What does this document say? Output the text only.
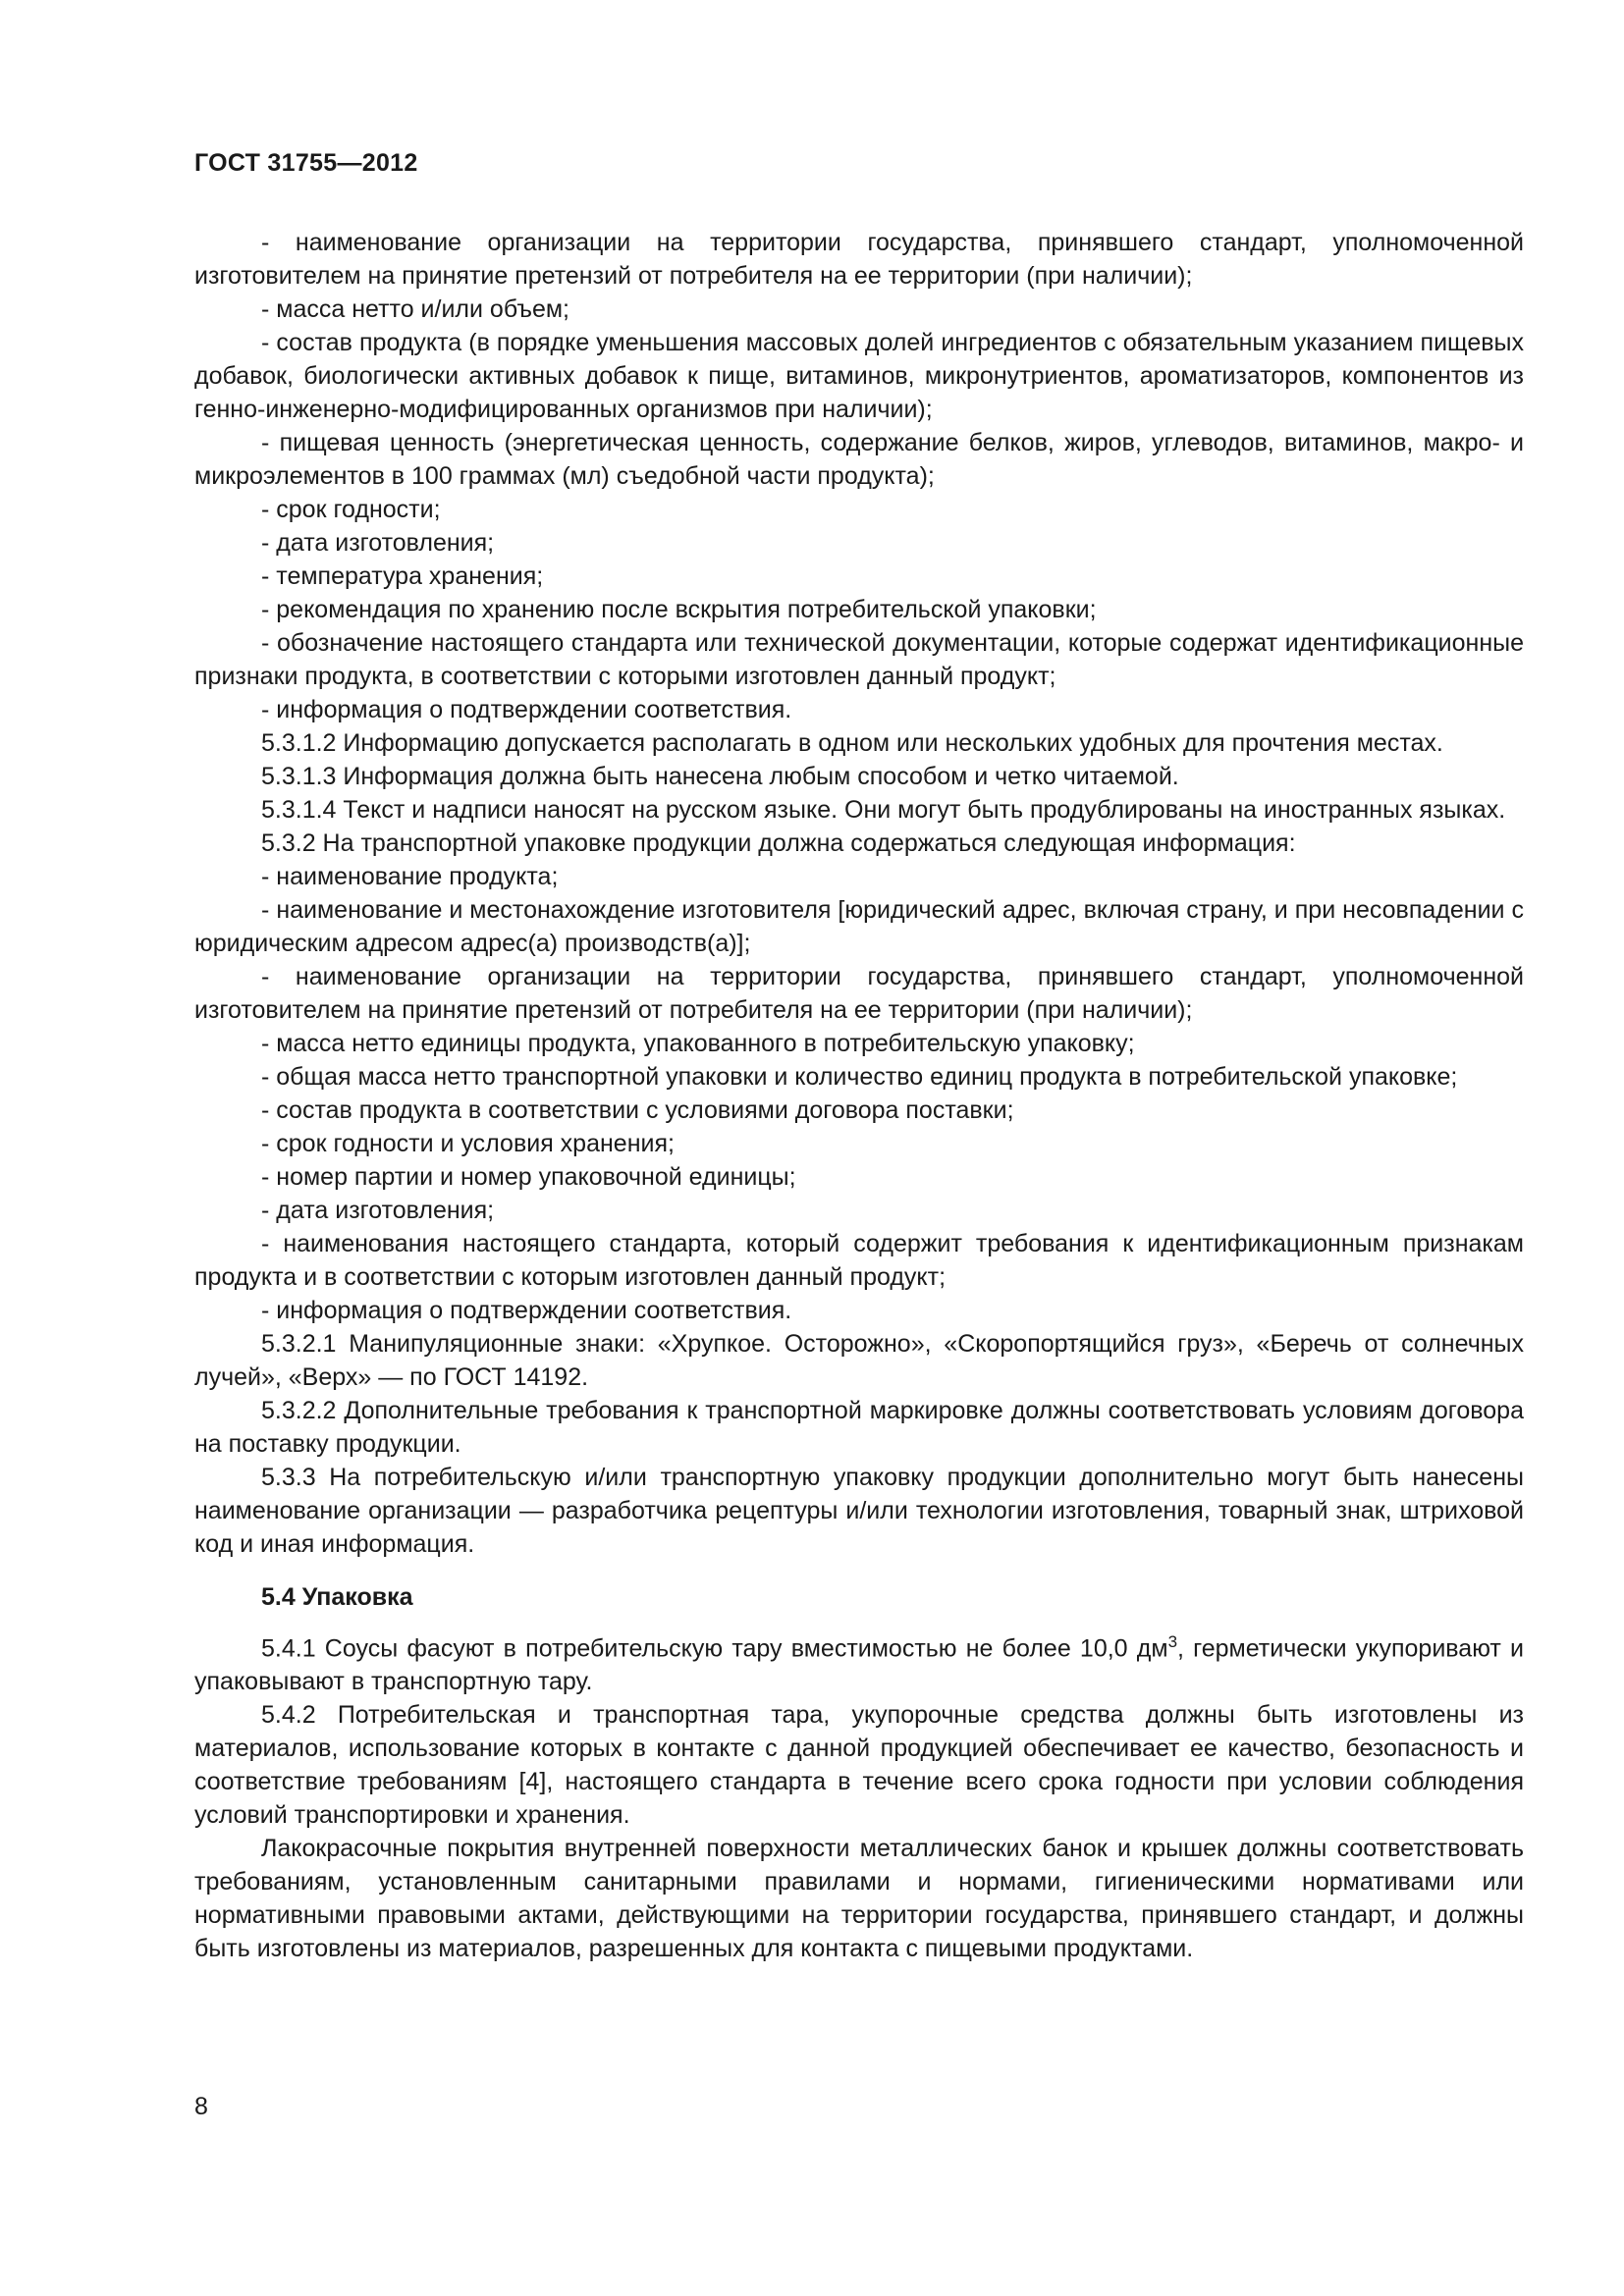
ГОСТ 31755—2012

- наименование организации на территории государства, принявшего стандарт, уполномоченной изготовителем на принятие претензий от потребителя на ее территории (при наличии);

- масса нетто и/или объем;

- состав продукта (в порядке уменьшения массовых долей ингредиентов с обязательным указанием пищевых добавок, биологически активных добавок к пище, витаминов, микронутриентов, ароматизаторов, компонентов из генно-инженерно-модифицированных организмов при наличии);

- пищевая ценность (энергетическая ценность, содержание белков, жиров, углеводов, витаминов, макро- и микроэлементов в 100 граммах (мл) съедобной части продукта);

- срок годности;

- дата изготовления;

- температура хранения;

- рекомендация по хранению после вскрытия потребительской упаковки;

- обозначение настоящего стандарта или технической документации, которые содержат идентификационные признаки продукта, в соответствии с которыми изготовлен данный продукт;

- информация о подтверждении соответствия.

5.3.1.2 Информацию допускается располагать в одном или нескольких удобных для прочтения местах.

5.3.1.3 Информация должна быть нанесена любым способом и четко читаемой.

5.3.1.4 Текст и надписи наносят на русском языке. Они могут быть продублированы на иностранных языках.

5.3.2 На транспортной упаковке продукции должна содержаться следующая информация:

- наименование продукта;

- наименование и местонахождение изготовителя [юридический адрес, включая страну, и при несовпадении с юридическим адресом адрес(а) производств(а)];

- наименование организации на территории государства, принявшего стандарт, уполномоченной изготовителем на принятие претензий от потребителя на ее территории (при наличии);

- масса нетто единицы продукта, упакованного в потребительскую упаковку;

- общая масса нетто транспортной упаковки и количество единиц продукта в потребительской упаковке;

- состав продукта в соответствии с условиями договора поставки;

- срок годности и условия хранения;

- номер партии и номер упаковочной единицы;

- дата изготовления;

- наименования настоящего стандарта, который содержит требования к идентификационным признакам продукта и в соответствии с которым изготовлен данный продукт;

- информация о подтверждении соответствия.

5.3.2.1 Манипуляционные знаки: «Хрупкое. Осторожно», «Скоропортящийся груз», «Беречь от солнечных лучей», «Верх» — по ГОСТ 14192.

5.3.2.2 Дополнительные требования к транспортной маркировке должны соответствовать условиям договора на поставку продукции.

5.3.3 На потребительскую и/или транспортную упаковку продукции дополнительно могут быть нанесены наименование организации — разработчика рецептуры и/или технологии изготовления, товарный знак, штриховой код и иная информация.

5.4 Упаковка

5.4.1 Соусы фасуют в потребительскую тару вместимостью не более 10,0 $дм^3$, герметически укупоривают и упаковывают в транспортную тару.

5.4.2 Потребительская и транспортная тара, укупорочные средства должны быть изготовлены из материалов, использование которых в контакте с данной продукцией обеспечивает ее качество, безопасность и соответствие требованиям [4], настоящего стандарта в течение всего срока годности при условии соблюдения условий транспортировки и хранения.

Лакокрасочные покрытия внутренней поверхности металлических банок и крышек должны соответствовать требованиям, установленным санитарными правилами и нормами, гигиеническими нормативами или нормативными правовыми актами, действующими на территории государства, принявшего стандарт, и должны быть изготовлены из материалов, разрешенных для контакта с пищевыми продуктами.

8
